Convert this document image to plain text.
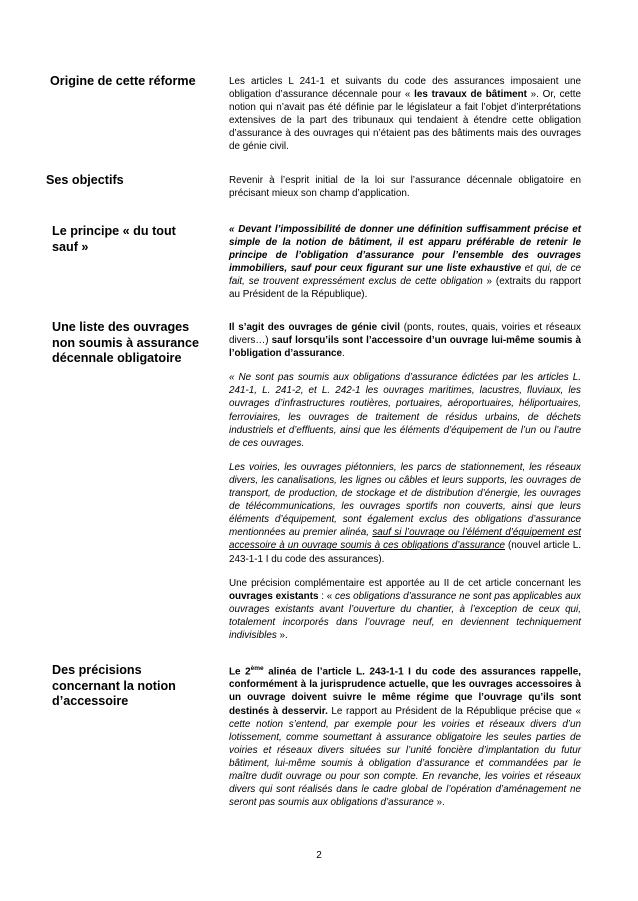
Origine de cette réforme	Les articles L 241-1 et suivants du code des assurances imposaient une obligation d’assurance décennale pour « les travaux de bâtiment ». Or, cette notion qui n’avait pas été définie par le législateur a fait l’objet d’interprétations extensives de la part des tribunaux qui tendaient à étendre cette obligation d’assurance à des ouvrages qui n’étaient pas des bâtiments mais des ouvrages de génie civil.

Ses objectifs	Revenir à l’esprit initial de la loi sur l’assurance décennale obligatoire en précisant mieux son champ d’application.

Le principe « du tout sauf »

« Devant l’impossibilité de donner une définition suffisamment précise et simple de la notion de bâtiment, il est apparu préférable de retenir le principe de l’obligation d’assurance pour l’ensemble des ouvrages immobiliers, sauf pour ceux figurant sur une liste exhaustive et qui, de ce fait, se trouvent expressément exclus de cette obligation » (extraits du rapport au Président de la République).

Une liste des ouvrages non soumis à assurance décennale obligatoire

Il s’agit des ouvrages de génie civil (ponts, routes, quais, voiries et réseaux divers…) sauf lorsqu’ils sont l’accessoire d’un ouvrage lui-même soumis à l’obligation d’assurance.

« Ne sont pas soumis aux obligations d’assurance édictées par les articles L. 241-1, L. 241-2, et L. 242-1 les ouvrages maritimes, lacustres, fluviaux, les ouvrages d’infrastructures routières, portuaires, aéroportuaires, héliportuaires, ferroviaires, les ouvrages de traitement de résidus urbains, de déchets industriels et d’effluents, ainsi que les éléments d’équipement de l’un ou l’autre de ces ouvrages.

Les voiries, les ouvrages piétonniers, les parcs de stationnement, les réseaux divers, les canalisations, les lignes ou câbles et leurs supports, les ouvrages de transport, de production, de stockage et de distribution d’énergie, les ouvrages de télécommunications, les ouvrages sportifs non couverts, ainsi que leurs éléments d’équipement, sont également exclus des obligations d’assurance mentionnées au premier alinéa, sauf si l’ouvrage ou l’élément d’équipement est accessoire à un ouvrage soumis à ces obligations d’assurance (nouvel article L. 243-1-1 I du code des assurances).

Une précision complémentaire est apportée au II de cet article concernant les ouvrages existants : « ces obligations d’assurance ne sont pas applicables aux ouvrages existants avant l’ouverture du chantier, à l’exception de ceux qui, totalement incorporés dans l’ouvrage neuf, en deviennent techniquement indivisibles ».

Des précisions concernant la notion d’accessoire

Le 2ème alinéa de l’article L. 243-1-1 I du code des assurances rappelle, conformément à la jurisprudence actuelle, que les ouvrages accessoires à un ouvrage doivent suivre le même régime que l’ouvrage qu’ils sont destinés à desservir. Le rapport au Président de la République précise que « cette notion s’entend, par exemple pour les voiries et réseaux divers d’un lotissement, comme soumettant à assurance obligatoire les seules parties de voiries et réseaux divers situées sur l’unité foncière d’implantation du futur bâtiment, lui-même soumis à obligation d’assurance et commandées par le maître dudit ouvrage ou pour son compte. En revanche, les voiries et réseaux divers qui sont réalisés dans le cadre global de l’opération d’aménagement ne seront pas soumis aux obligations d’assurance ».

2
